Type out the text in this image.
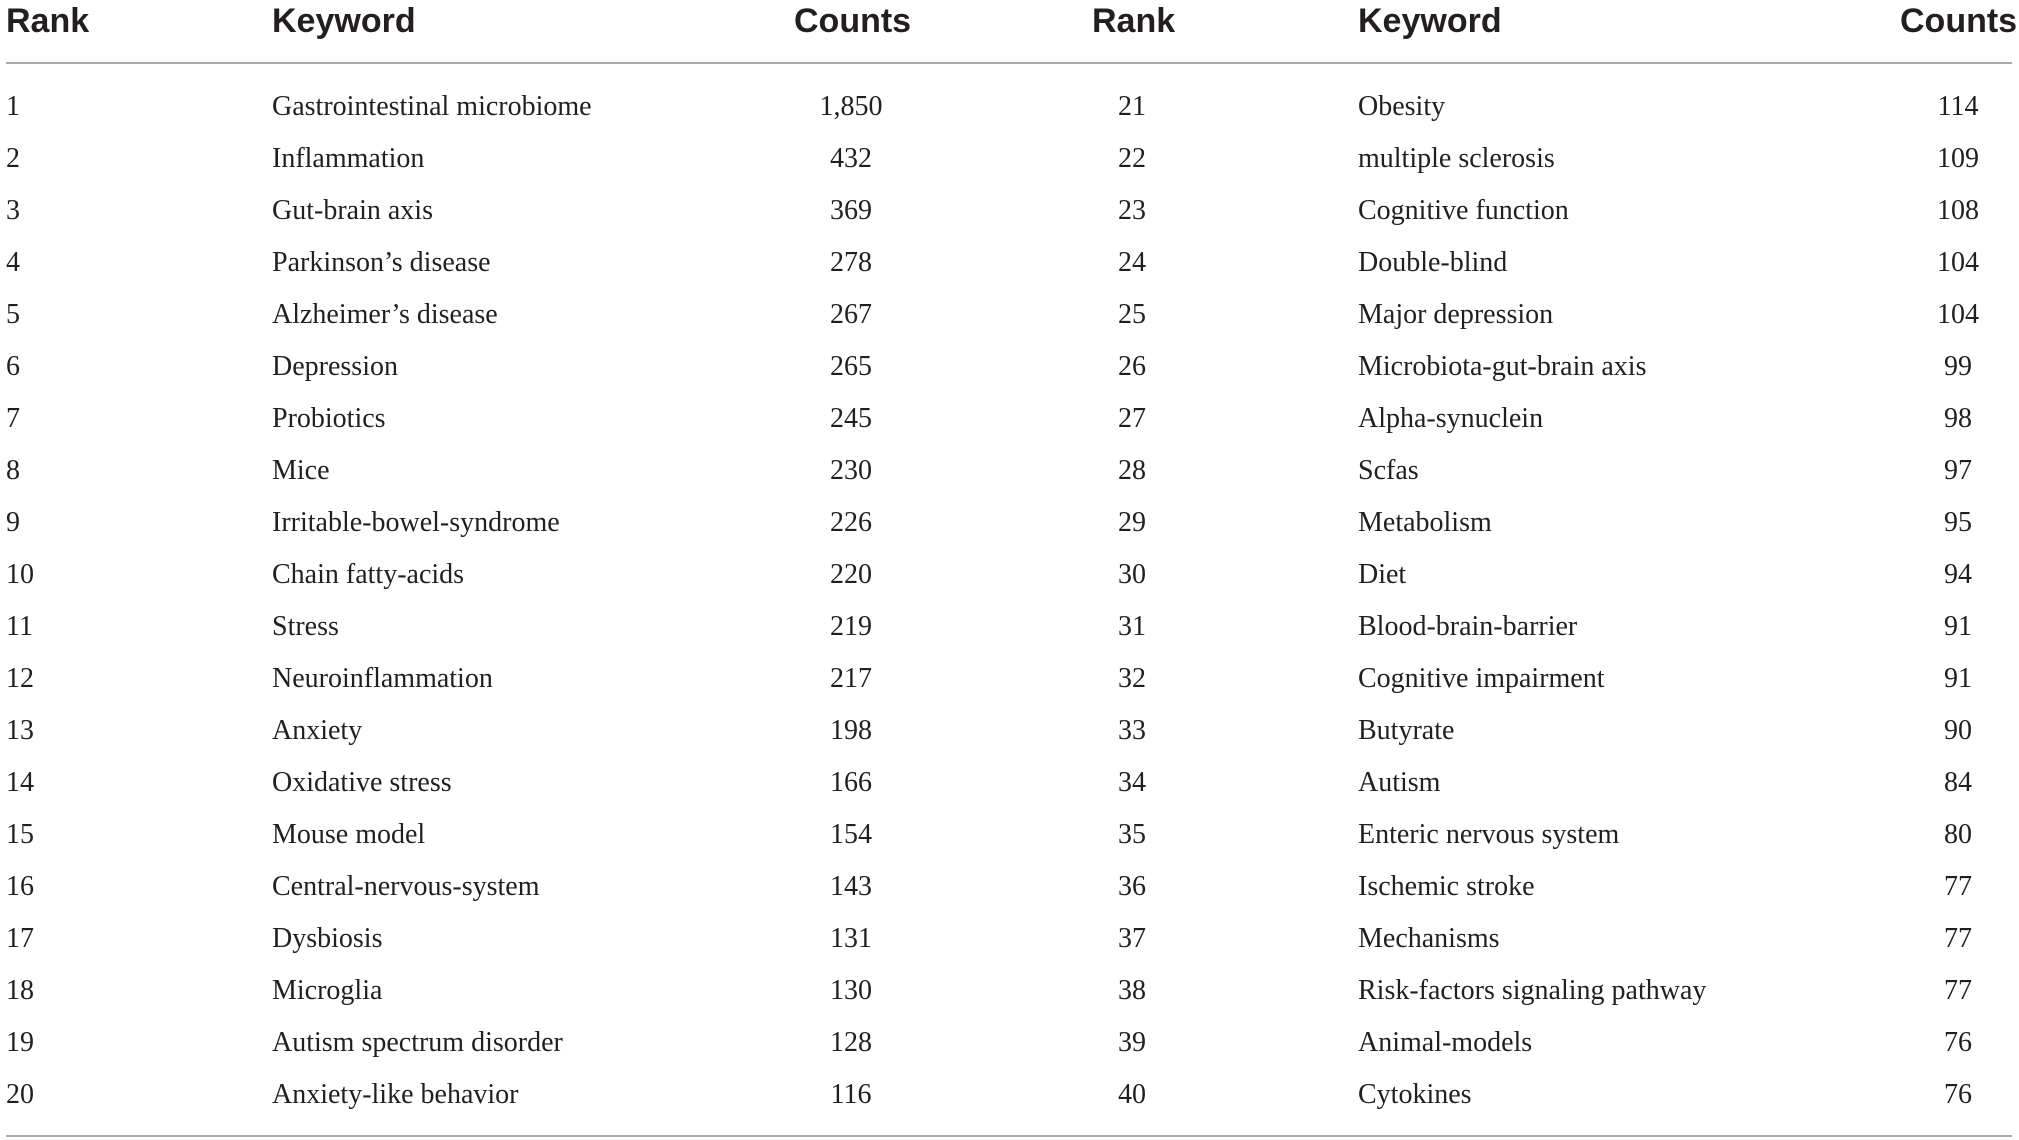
Rank	Keyword	Counts	Rank	Keyword	Counts
1	Gastrointestinal microbiome	1,850	21	Obesity	114
2	Inflammation	432	22	multiple sclerosis	109
3	Gut-brain axis	369	23	Cognitive function	108
4	Parkinson’s disease	278	24	Double-blind	104
5	Alzheimer’s disease	267	25	Major depression	104
6	Depression	265	26	Microbiota-gut-brain axis	99
7	Probiotics	245	27	Alpha-synuclein	98
8	Mice	230	28	Scfas	97
9	Irritable-bowel-syndrome	226	29	Metabolism	95
10	Chain fatty-acids	220	30	Diet	94
11	Stress	219	31	Blood-brain-barrier	91
12	Neuroinflammation	217	32	Cognitive impairment	91
13	Anxiety	198	33	Butyrate	90
14	Oxidative stress	166	34	Autism	84
15	Mouse model	154	35	Enteric nervous system	80
16	Central-nervous-system	143	36	Ischemic stroke	77
17	Dysbiosis	131	37	Mechanisms	77
18	Microglia	130	38	Risk-factors signaling pathway	77
19	Autism spectrum disorder	128	39	Animal-models	76
20	Anxiety-like behavior	116	40	Cytokines	76
